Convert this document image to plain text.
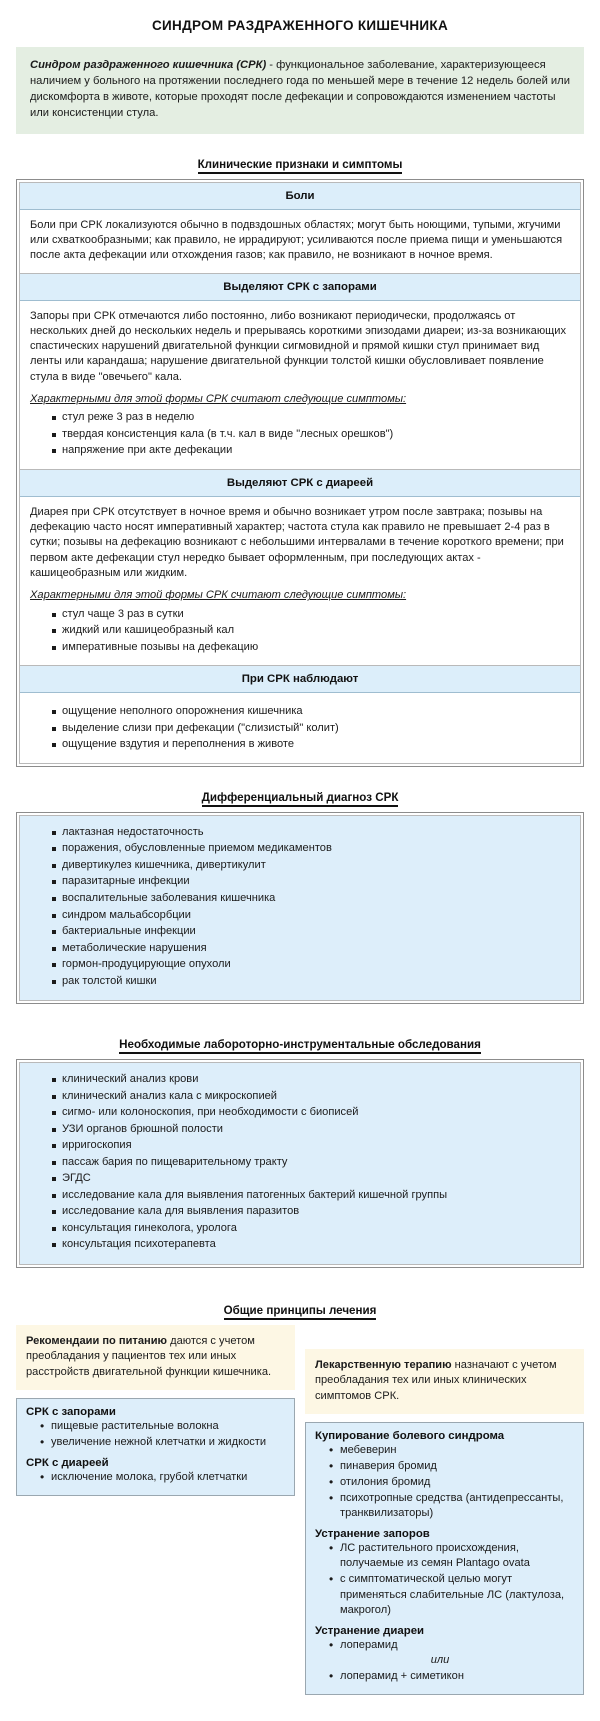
СИНДРОМ РАЗДРАЖЕННОГО КИШЕЧНИКА
Синдром раздраженного кишечника (СРК) - функциональное заболевание, характеризующееся наличием у больного на протяжении последнего года по меньшей мере в течение 12 недель болей или дискомфорта в животе, которые проходят после дефекации и сопровождаются изменением частоты или консистенции стула.
Клинические признаки и симптомы
Боли

Боли при СРК локализуются обычно в подвздошных областях; могут быть ноющими, тупыми, жгучими или схваткообразными; как правило, не иррадируют; усиливаются после приема пищи и уменьшаются после акта дефекации или отхождения газов; как правило, не возникают в ночное время.

Выделяют СРК с запорами

Запоры при СРК отмечаются либо постоянно, либо возникают периодически, продолжаясь от нескольких дней до нескольких недель и прерываясь короткими эпизодами диареи; из-за возникающих спастических нарушений двигательной функции сигмовидной и прямой кишки стул принимает вид ленты или карандаша; нарушение двигательной функции толстой кишки обусловливает появление стула в виде "овечьего" кала.

Характерными для этой формы СРК считают следующие симптомы:
стул реже 3 раз в неделю
твердая консистенция кала (в т.ч. кал в виде "лесных орешков")
напряжение при акте дефекации
Выделяют СРК с диареей

Диарея при СРК отсутствует в ночное время и обычно возникает утром после завтрака; позывы на дефекацию часто носят императивный характер; частота стула как правило не превышает 2-4 раз в сутки; позывы на дефекацию возникают с небольшими интервалами в течение короткого времени; при первом акте дефекации стул нередко бывает оформленным, при последующих актах - кашицеобразным или жидким.

Характерными для этой формы СРК считают следующие симптомы:
стул чаще 3 раз в сутки
жидкий или кашицеобразный кал
императивные позывы на дефекацию
При СРК наблюдают
ощущение неполного опорожнения кишечника
выделение слизи при дефекации ("слизистый" колит)
ощущение вздутия и переполнения в животе
Дифференциальный диагноз СРК
лактазная недостаточность
поражения, обусловленные приемом медикаментов
дивертикулез кишечника, дивертикулит
паразитарные инфекции
воспалительные заболевания кишечника
синдром мальабсорбции
бактериальные инфекции
метаболические нарушения
гормон-продуцирующие опухоли
рак толстой кишки
Необходимые лабороторно-инструментальные обследования
клинический анализ крови
клинический анализ кала с микроскопией
сигмо- или колоноскопия, при необходимости с биописей
УЗИ органов брюшной полости
ирригоскопия
пассаж бария по пищеварительному тракту
ЭГДС
исследование кала для выявления патогенных бактерий кишечной группы
исследование кала для выявления паразитов
консультация гинеколога, уролога
консультация психотерапевта
Общие принципы лечения
Рекомендаии по питанию даются с учетом преобладания у пациентов тех или иных расстройств двигательной функции кишечника.
СРК с запорами
• пищевые растительные волокна
• увеличение нежной клетчатки и жидкости
СРК с диареей
• исключение молока, грубой клетчатки
Лекарственную терапию назначают с учетом преобладания тех или иных клинических симптомов СРК.
Купирование болевого синдрома
• мебеверин
• пинаверия бромид
• отилония бромид
• психотропные средства (антидепрессанты, транквилизаторы)
Устранение запоров
• ЛС растительного происхождения, получаемые из семян Plantago ovata
• с симптоматической целью могут применяться слабительные ЛС (лактулоза, макрогол)
Устранение диареи
• лоперамид
или
• лоперамид + симетикон
